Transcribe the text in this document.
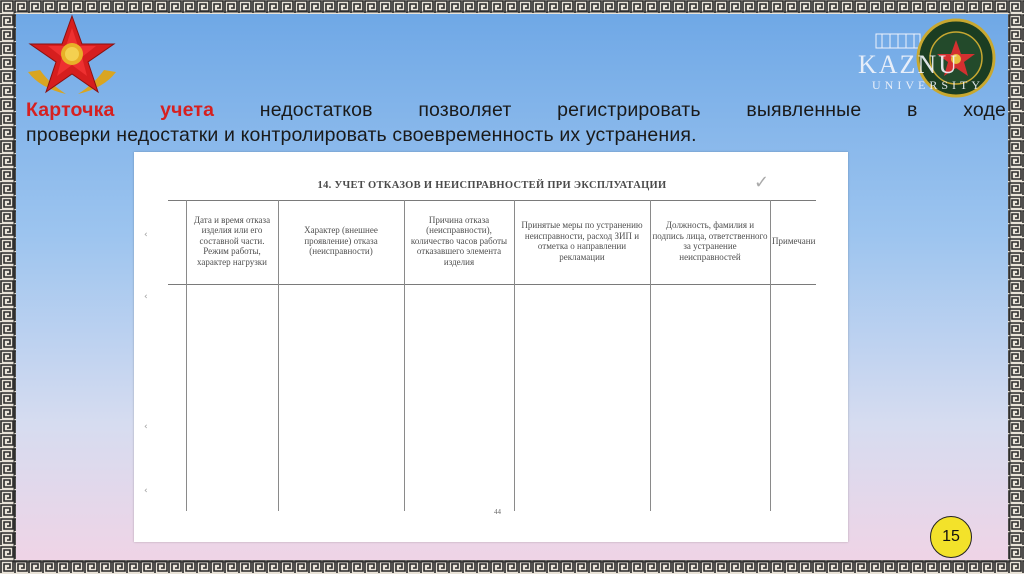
KAZNU
UNIVERSITY
Карточка учета недостатков позволяет регистрировать выявленные в ходе
проверки недостатки и контролировать своевременность их устранения.
14. УЧЕТ ОТКАЗОВ И НЕИСПРАВНОСТЕЙ ПРИ ЭКСПЛУАТАЦИИ	✓
‹
‹
‹
‹
Дата и время отказа изделия или его составной части. Режим работы, характер нагрузки
Характер (внешнее проявление) отказа (неисправности)
Причина отказа (неисправности), количество часов работы отказавшего элемента изделия
Принятые меры по устранению неисправности, расход ЗИП и отметка о направлении рекламации
Должность, фамилия и подпись лица, ответственного за устранение неисправностей
Примечани
44
15
